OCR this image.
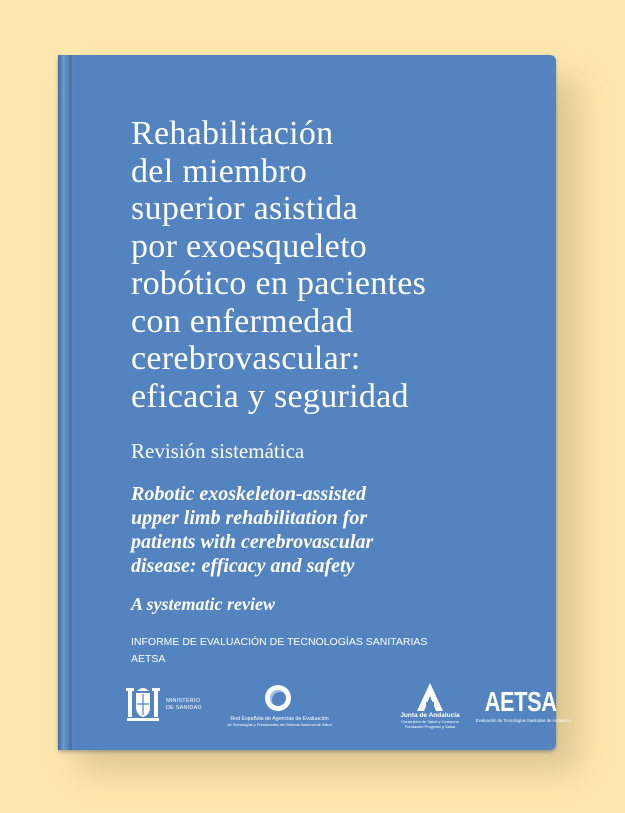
Rehabilitación
del miembro
superior asistida
por exoesqueleto
robótico en pacientes
con enfermedad
cerebrovascular:
eficacia y seguridad
Revisión sistemática
Robotic exoskeleton-assisted
upper limb rehabilitation for
patients with cerebrovascular
disease: efficacy and safety
A systematic review
INFORME DE EVALUACIÓN DE TECNOLOGÍAS SANITARIAS
AETSA
MINISTERIO
DE SANIDAD
Red Española de Agencias de Evaluación
de Tecnologías y Prestaciones del Sistema Nacional de Salud
Junta de Andalucía
Consejería de Salud y Consumo
Fundación Progreso y Salud
AETSA
Evaluación de Tecnologías Sanitarias de Andalucía
